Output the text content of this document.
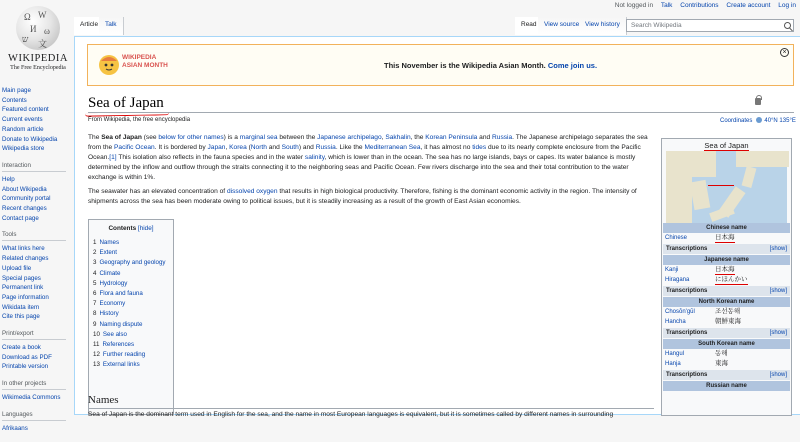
Ω W
И ω
ש 文
WIKIPEDIA
The Free Encyclopedia
Main page
Contents
Featured content
Current events
Random article
Donate to Wikipedia
Wikipedia store
Interaction
Help
About Wikipedia
Community portal
Recent changes
Contact page
Tools
What links here
Related changes
Upload file
Special pages
Permanent link
Page information
Wikidata item
Cite this page
Print/export
Create a book
Download as PDF
Printable version
In other projects
Wikimedia Commons
Languages
Afrikaans
Not logged in Talk Contributions Create account Log in
Article	Talk	Read	View source View history	Search Wikipedia
WIKIPEDIA
ASIAN MONTH	This November is the Wikipedia Asian Month. Come join us.
×
Sea of Japan
From Wikipedia, the free encyclopedia	Coordinates 40°N 135°E

The Sea of Japan (see below for other names) is a marginal sea between the Japanese archipelago, Sakhalin, the Korean Peninsula and Russia. The Japanese archipelago separates the sea from the Pacific Ocean. It is bordered by Japan, Korea (North and South) and Russia. Like the Mediterranean Sea, it has almost no tides due to its nearly complete enclosure from the Pacific Ocean.[1] This isolation also reflects in the fauna species and in the water salinity, which is lower than in the ocean. The sea has no large islands, bays or capes. Its water balance is mostly determined by the inflow and outflow through the straits connecting it to the neighboring seas and Pacific Ocean. Few rivers discharge into the sea and their total contribution to the water exchange is within 1%.

The seawater has an elevated concentration of dissolved oxygen that results in high biological productivity. Therefore, fishing is the dominant economic activity in the region. The intensity of shipments across the sea has been moderate owing to political issues, but it is steadily increasing as a result of the growth of East Asian economies.

Contents [hide]
1 Names
2 Extent
3 Geography and geology
4 Climate
5 Hydrology
6 Flora and fauna
7 Economy
8 History
9 Naming dispute
10 See also
11 References
12 Further reading
13 External links
Names
Sea of Japan is the dominant term used in English for the sea, and the name in most European languages is equivalent, but it is sometimes called by different names in surrounding
Sea of Japan
Chinese name
Chinese	日本海
Transcriptions	[show]
Japanese name
Kanji	日本海
Hiragana	にほんかい
Transcriptions	[show]
North Korean name
Chosŏn'gŭl	조선동해
Hancha	朝鮮東海
Transcriptions	[show]
South Korean name
Hangul	동해
Hanja	東海
Transcriptions	[show]
Russian name
